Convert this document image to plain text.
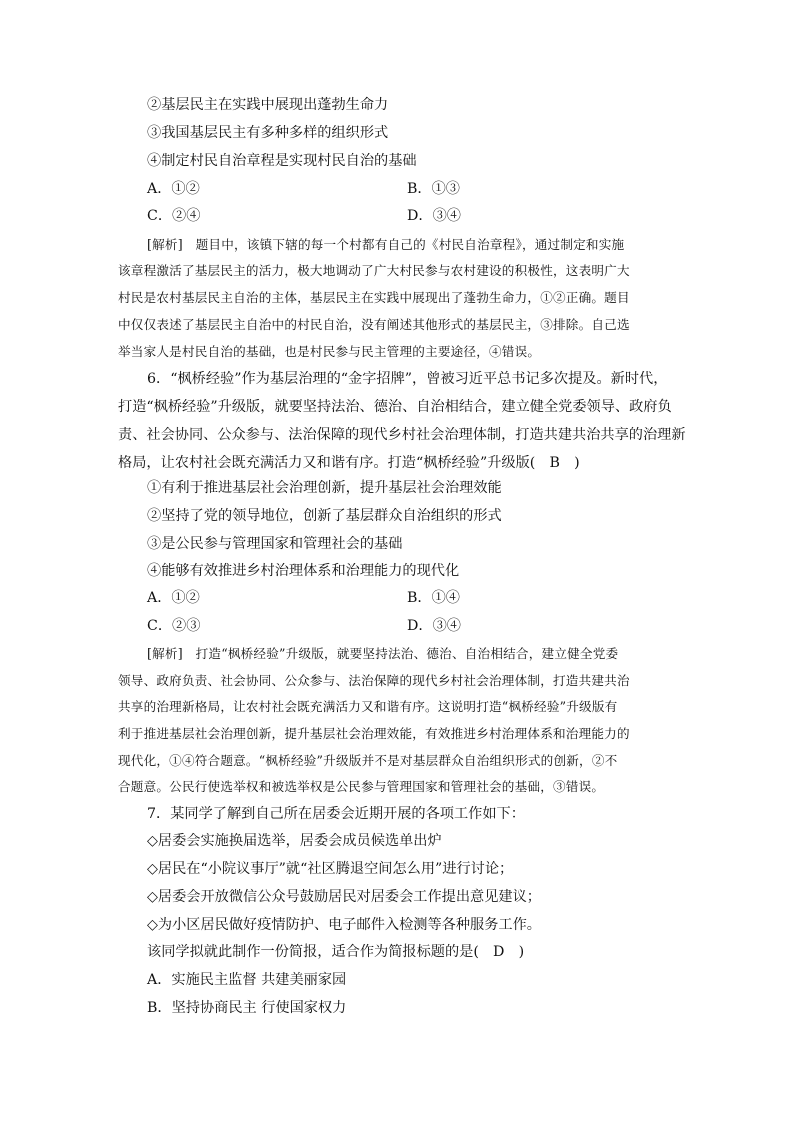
②基层民主在实践中展现出蓬勃生命力
③我国基层民主有多种多样的组织形式
④制定村民自治章程是实现村民自治的基础
A．①②	B．①③
C．②④	D．③④
[解析]　题目中，该镇下辖的每一个村都有自己的《村民自治章程》，通过制定和实施
该章程激活了基层民主的活力，极大地调动了广大村民参与农村建设的积极性，这表明广大
村民是农村基层民主自治的主体，基层民主在实践中展现出了蓬勃生命力，①②正确。题目
中仅仅表述了基层民主自治中的村民自治，没有阐述其他形式的基层民主，③排除。自己选
举当家人是村民自治的基础，也是村民参与民主管理的主要途径，④错误。
6．“枫桥经验”作为基层治理的“金字招牌”，曾被习近平总书记多次提及。新时代，
打造“枫桥经验”升级版，就要坚持法治、德治、自治相结合，建立健全党委领导、政府负
责、社会协同、公众参与、法治保障的现代乡村社会治理体制，打造共建共治共享的治理新
格局，让农村社会既充满活力又和谐有序。打造“枫桥经验”升级版(　B　)
①有利于推进基层社会治理创新，提升基层社会治理效能
②坚持了党的领导地位，创新了基层群众自治组织的形式
③是公民参与管理国家和管理社会的基础
④能够有效推进乡村治理体系和治理能力的现代化
A．①②	B．①④
C．②③	D．③④
[解析]　打造“枫桥经验”升级版，就要坚持法治、德治、自治相结合，建立健全党委
领导、政府负责、社会协同、公众参与、法治保障的现代乡村社会治理体制，打造共建共治
共享的治理新格局，让农村社会既充满活力又和谐有序。这说明打造“枫桥经验”升级版有
利于推进基层社会治理创新，提升基层社会治理效能，有效推进乡村治理体系和治理能力的
现代化，①④符合题意。“枫桥经验”升级版并不是对基层群众自治组织形式的创新，②不
合题意。公民行使选举权和被选举权是公民参与管理国家和管理社会的基础，③错误。
7．某同学了解到自己所在居委会近期开展的各项工作如下：
◇居委会实施换届选举，居委会成员候选单出炉
◇居民在“小院议事厅”就“社区腾退空间怎么用”进行讨论；
◇居委会开放微信公众号鼓励居民对居委会工作提出意见建议；
◇为小区居民做好疫情防护、电子邮件入检测等各种服务工作。
该同学拟就此制作一份简报，适合作为简报标题的是(　D　)
A．实施民主监督 共建美丽家园
B．坚持协商民主 行使国家权力
